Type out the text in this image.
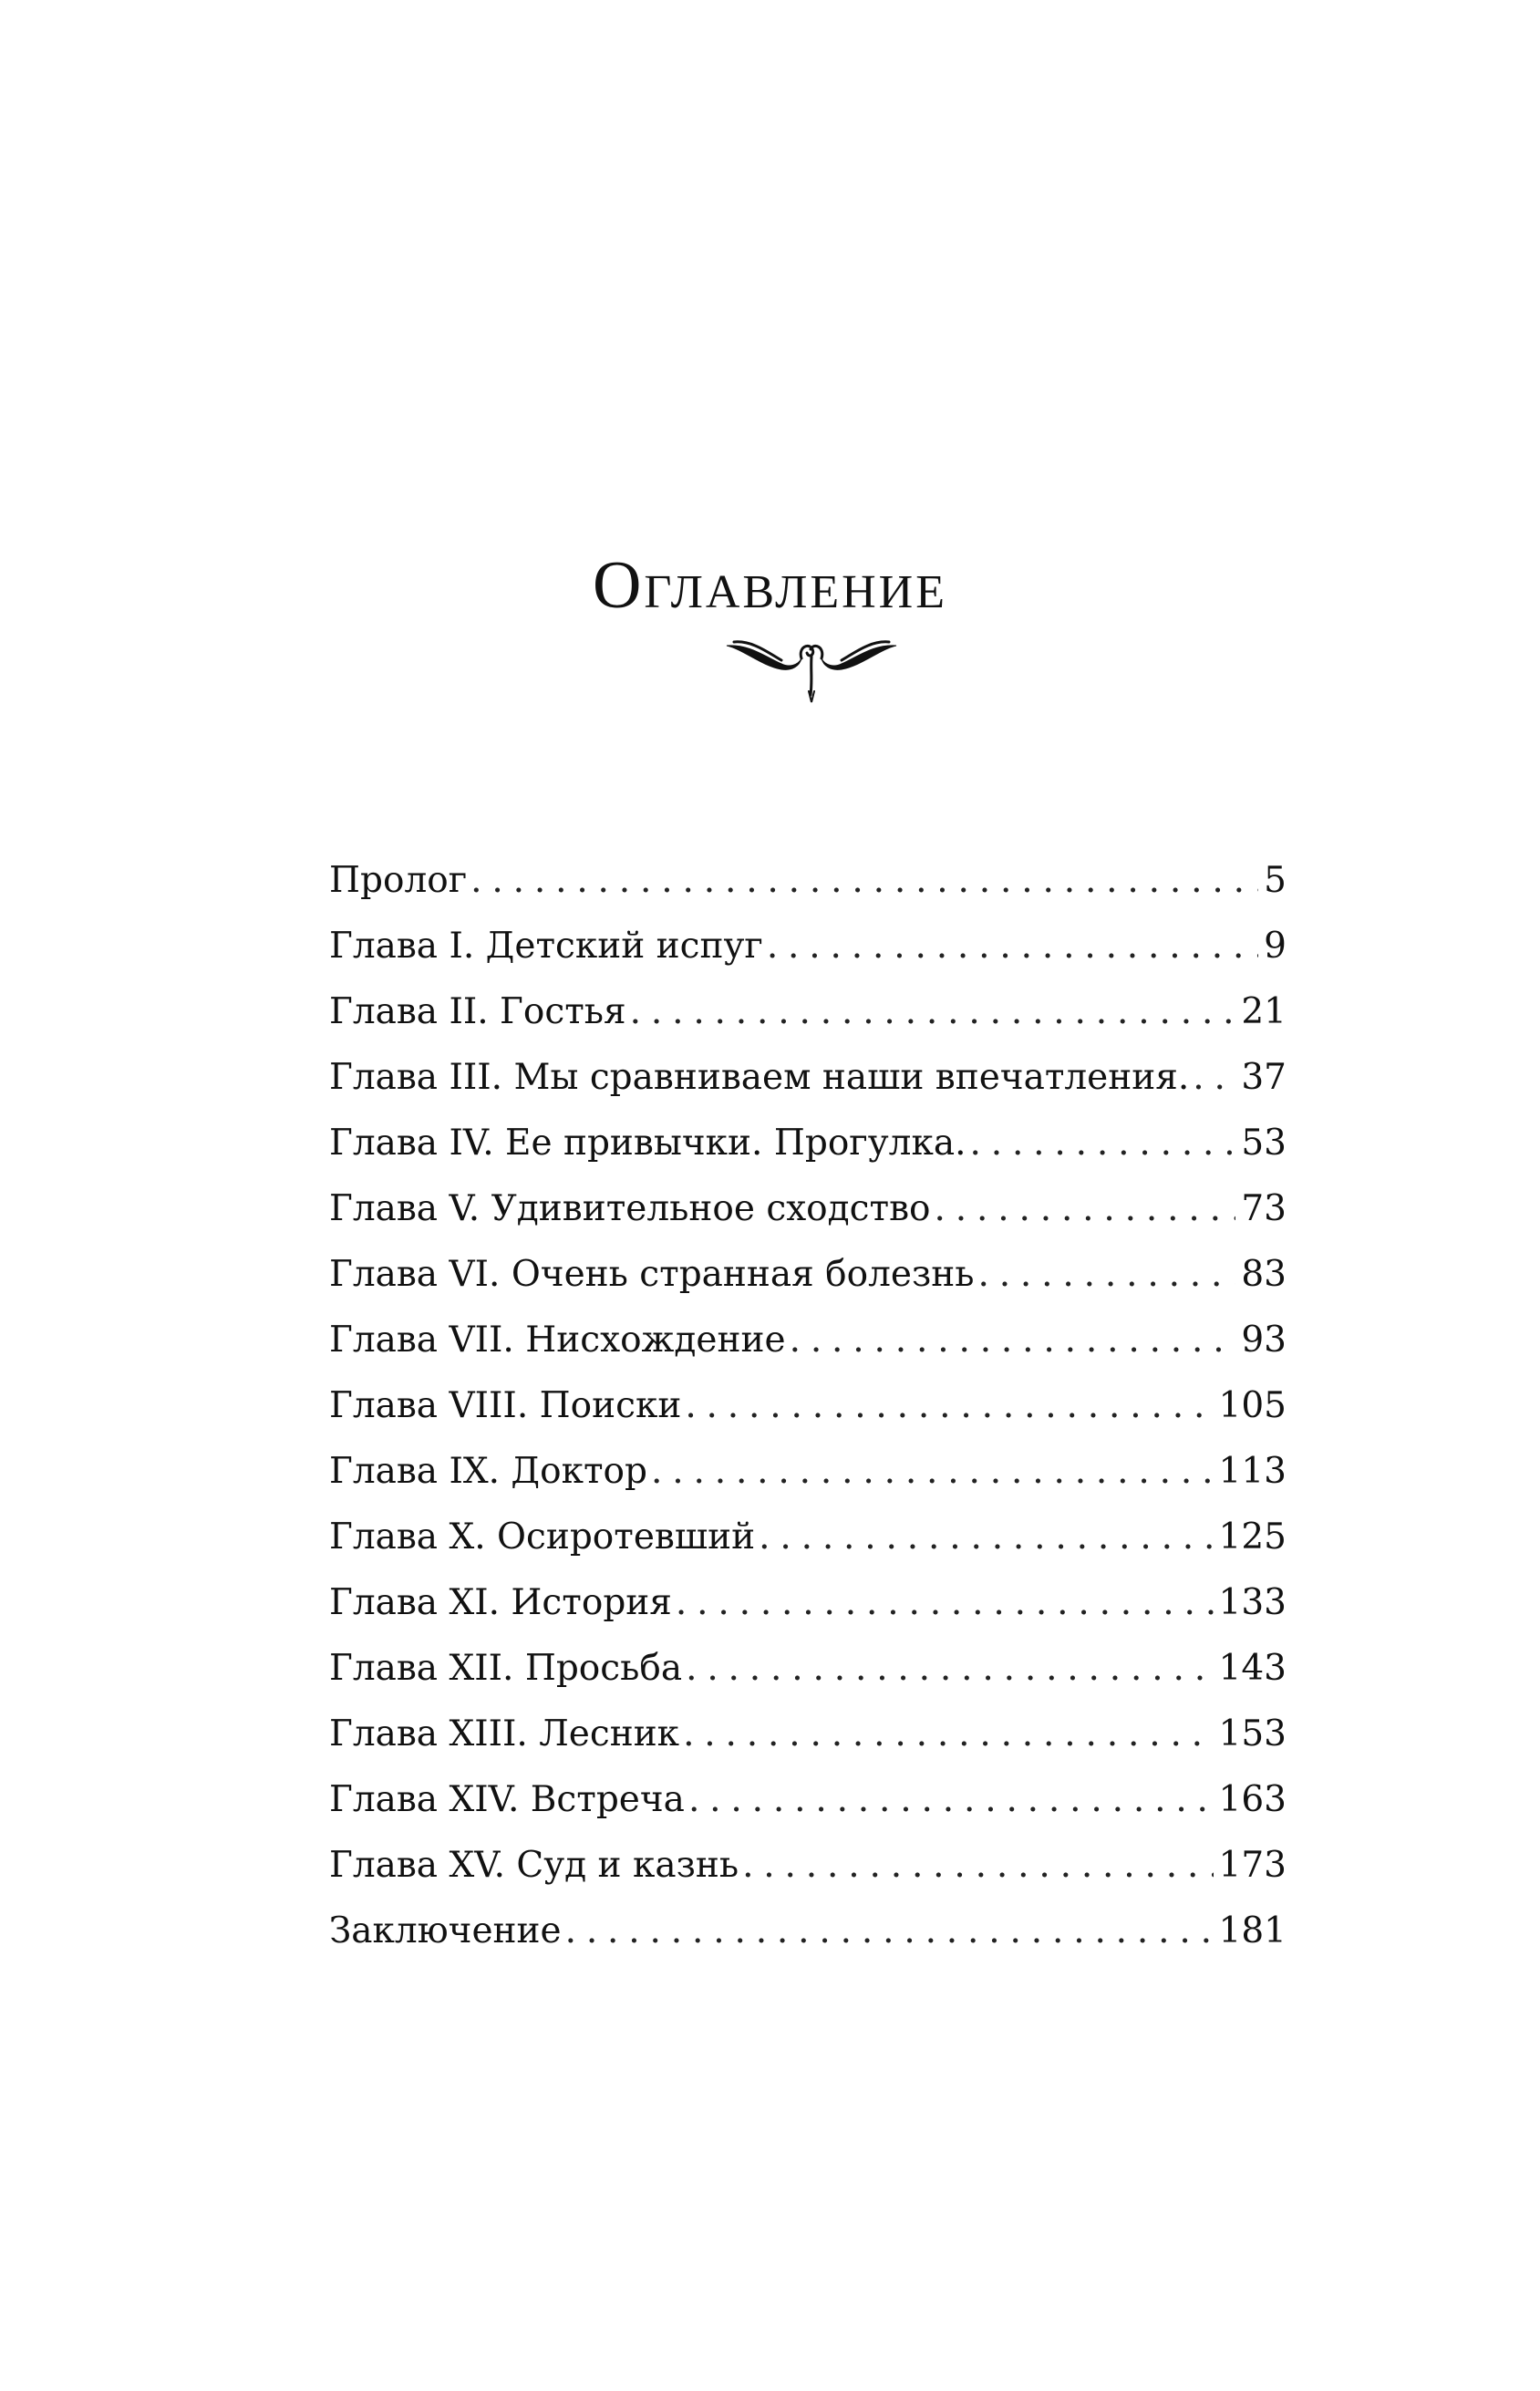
Оглавление
Пролог . . .	5
Глава I. Детский испуг . . .	9
Глава II. Гостья . . .	21
Глава III. Мы сравниваем наши впечатления. . . . 37
Глава IV. Ее привычки. Прогулка. . . .	53
Глава V. Удивительное сходство . . .	73
Глава VI. Очень странная болезнь . . .	83
Глава VII. Нисхождение . . .	93
Глава VIII. Поиски . . .	105
Глава IX. Доктор . . .	113
Глава X. Осиротевший . . .	125
Глава XI. История . . .	133
Глава XII. Просьба . . .	143
Глава XIII. Лесник . . .	153
Глава XIV. Встреча . . .	163
Глава XV. Суд и казнь . . .	173
Заключение . . .	181
